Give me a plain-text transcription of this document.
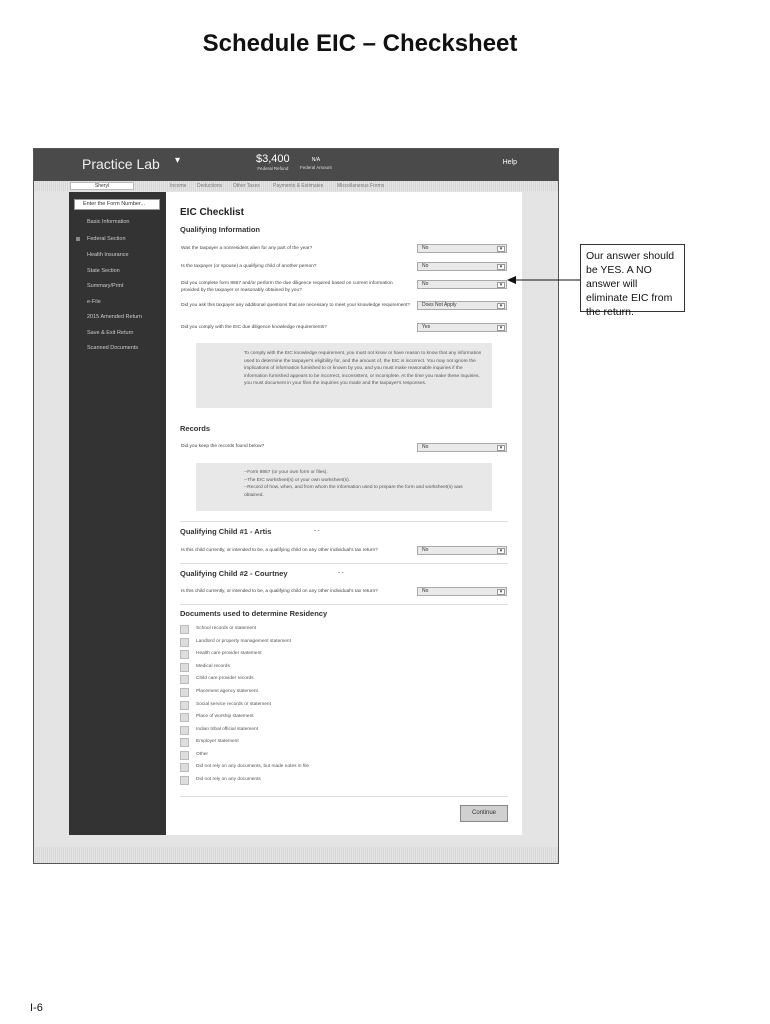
Schedule EIC – Checksheet
Practice Lab ▾	$3,400
Federal Refund
N/A
Federal Amount
Help
Sheryl	Income Deductions Other Taxes	Payments & Estimates	Miscellaneous Forms
Enter the Form Number...
Basic Information
Federal Section
Health Insurance
State Section
Summary/Print
e-File
2015 Amended Return
Save & Exit Return
Scanned Documents
EIC Checklist
Qualifying Information
Was the taxpayer a nonresident alien for any part of the year?	No	▾
Is the taxpayer (or spouse) a qualifying child of another person?	No	▾
Did you complete form 8867 and/or perform the due diligence required based on current information provided by the taxpayer or reasonably obtained by you?
No	▾
Did you ask this taxpayer any additional questions that are necessary to meet your knowledge requirement?	Does Not Apply	▾
Did you comply with the EIC due diligence knowledge requirements?	Yes	▾
To comply with the EIC knowledge requirement, you must not know or have reason to know that any information used to determine the taxpayer's eligibility for, and the amount of, the EIC is incorrect. You may not ignore the implications of information furnished to or known by you, and you must make reasonable inquiries if the information furnished appears to be incorrect, inconsistent, or incomplete. At the time you make these inquiries, you must document in your files the inquiries you made and the taxpayer's responses.
Records
Did you keep the records found below?	No	▾
--Form 8867 (or your own form or files).
--The EIC worksheet(s) or your own worksheet(s).
--Record of how, when, and from whom the information used to prepare the form and worksheet(s) was obtained.
Qualifying Child #1 - Artis	- -
Is this child currently, or intended to be, a qualifying child on any other individual's tax return?	No	▾
Qualifying Child #2 - Courtney	- -
Is this child currently, or intended to be, a qualifying child on any other individual's tax return?	No	▾
Documents used to determine Residency
School records or statement
Landlord or property management statement
Health care provider statement
Medical records
Child care provider records
Placement agency statement
Social service records or statement
Place of worship statement
Indian tribal official statement
Employer statement
Other
Did not rely on any documents, but made notes in file
Did not rely on any documents
Continue
Our answer should be YES. A NO answer will eliminate EIC from the return.
I-6
